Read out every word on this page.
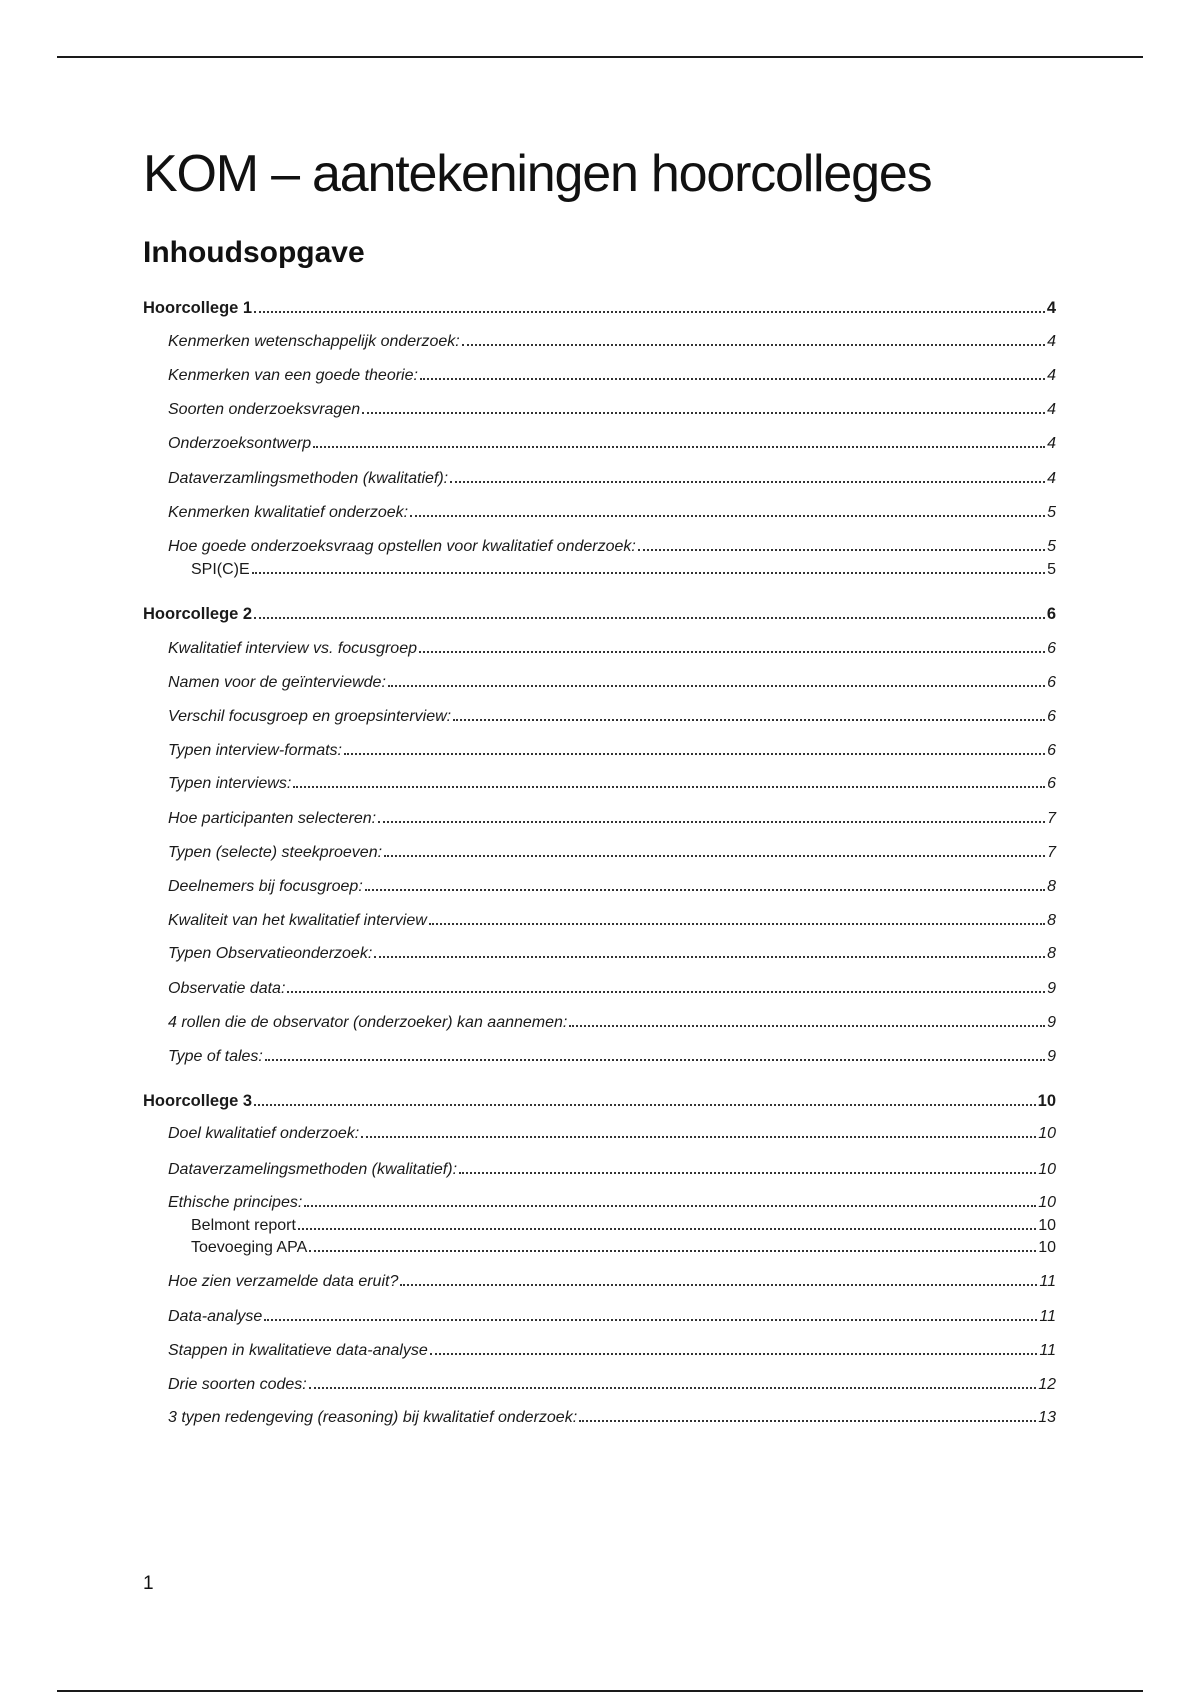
KOM – aantekeningen hoorcolleges
Inhoudsopgave
Hoorcollege 1	4
Kenmerken wetenschappelijk onderzoek:	4
Kenmerken van een goede theorie:	4
Soorten onderzoeksvragen	4
Onderzoeksontwerp	4
Dataverzamlingsmethoden (kwalitatief):	4
Kenmerken kwalitatief onderzoek:	5
Hoe goede onderzoeksvraag opstellen voor kwalitatief onderzoek:	5
SPI(C)E	5
Hoorcollege 2	6
Kwalitatief interview vs. focusgroep	6
Namen voor de geïnterviewde:	6
Verschil focusgroep en groepsinterview:	6
Typen interview-formats:	6
Typen interviews:	6
Hoe participanten selecteren:	7
Typen (selecte) steekproeven:	7
Deelnemers bij focusgroep:	8
Kwaliteit van het kwalitatief interview	8
Typen Observatieonderzoek:	8
Observatie data:	9
4 rollen die de observator (onderzoeker) kan aannemen:	9
Type of tales:	9
Hoorcollege 3	10
Doel kwalitatief onderzoek:	10
Dataverzamelingsmethoden (kwalitatief):	10
Ethische principes:	10
Belmont report	10
Toevoeging APA	10
Hoe zien verzamelde data eruit?	11
Data-analyse	11
Stappen in kwalitatieve data-analyse	11
Drie soorten codes:	12
3 typen redengeving (reasoning) bij kwalitatief onderzoek:	13

1
